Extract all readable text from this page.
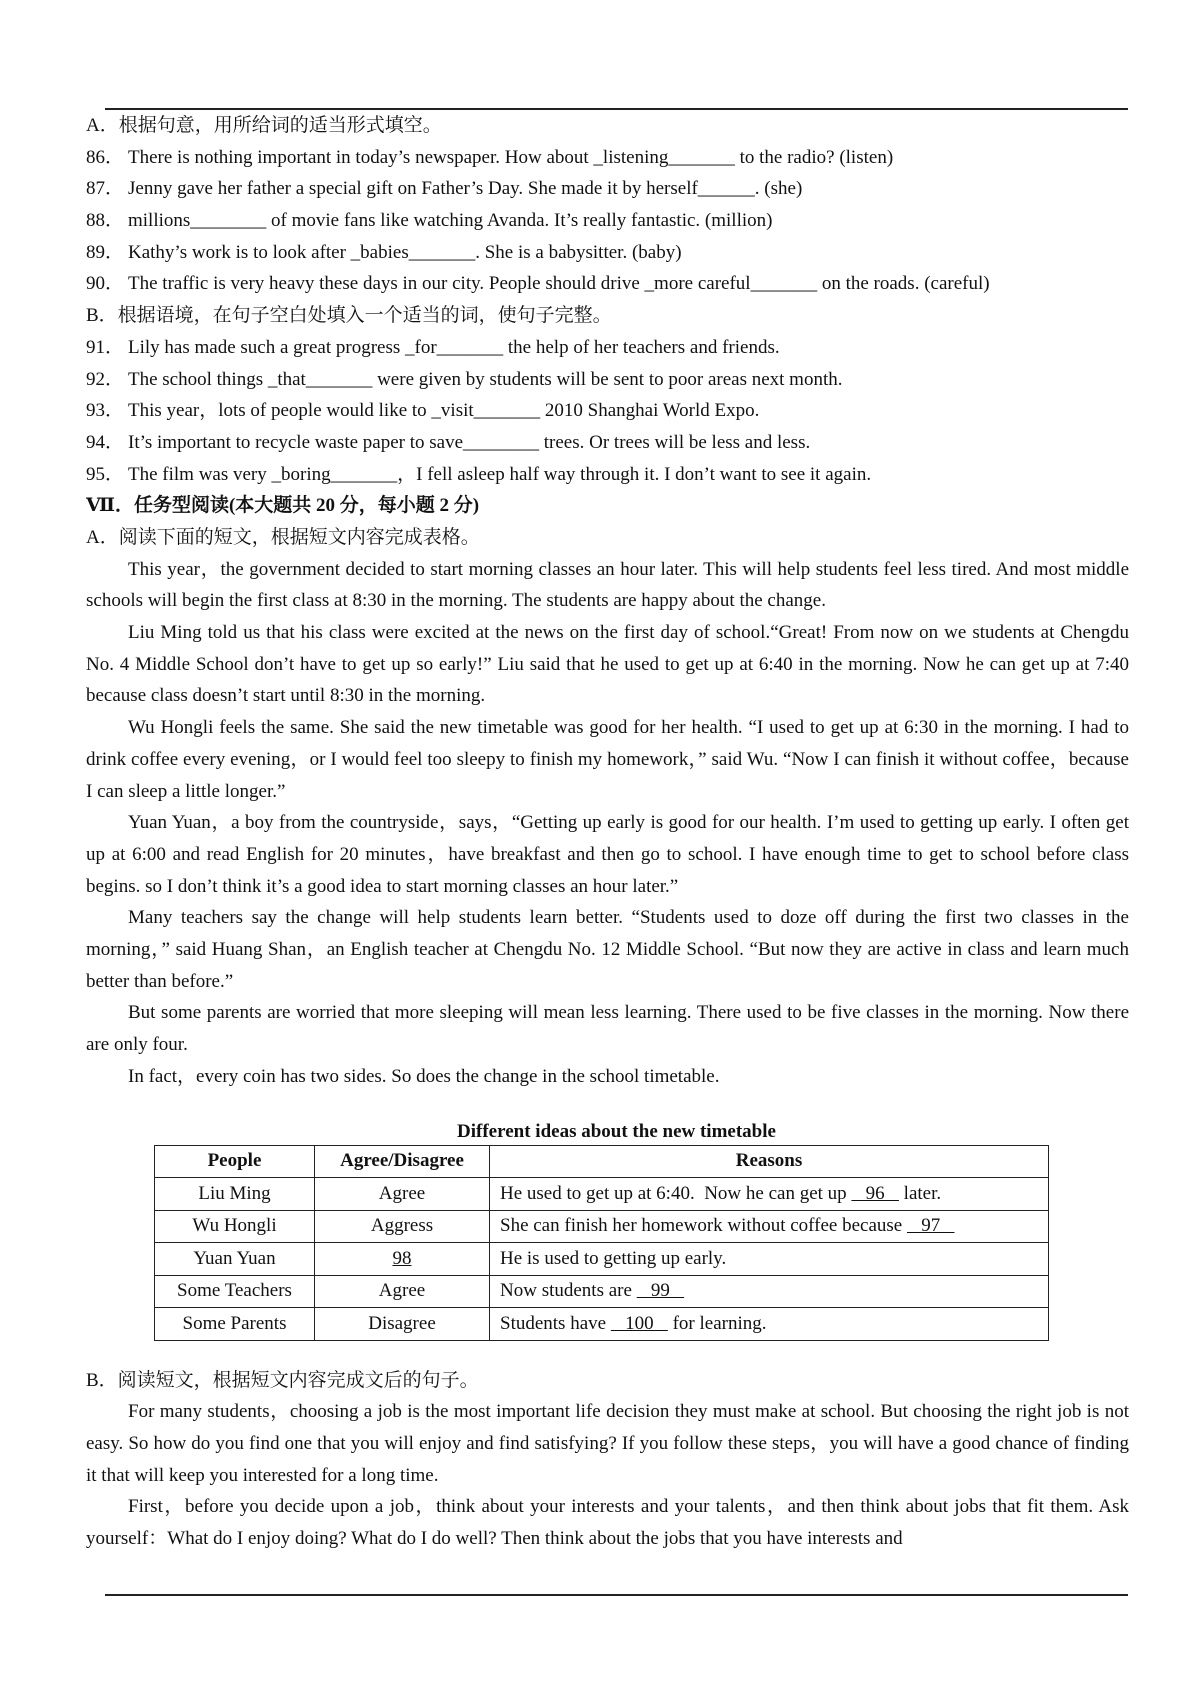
A．根据句意，用所给词的适当形式填空。
86． There is nothing important in today’s newspaper. How about _listening_______ to the radio? (listen)
87． Jenny gave her father a special gift on Father’s Day. She made it by herself______. (she)
88． millions________ of movie fans like watching Avanda. It’s really fantastic. (million)
89． Kathy’s work is to look after _babies_______. She is a babysitter. (baby)
90． The traffic is very heavy these days in our city. People should drive _more careful_______ on the roads. (careful)
B．根据语境，在句子空白处填入一个适当的词，使句子完整。
91． Lily has made such a great progress _for_______ the help of her teachers and friends.
92． The school things _that_______ were given by students will be sent to poor areas next month.
93． This year，lots of people would like to _visit_______ 2010 Shanghai World Expo.
94． It’s important to recycle waste paper to save________ trees. Or trees will be less and less.
95． The film was very _boring_______，I fell asleep half way through it. I don’t want to see it again.
Ⅶ．任务型阅读(本大题共 20 分，每小题 2 分)
A．阅读下面的短文，根据短文内容完成表格。

This year，the government decided to start morning classes an hour later. This will help students feel less tired. And most middle schools will begin the first class at 8:30 in the morning. The students are happy about the change.

Liu Ming told us that his class were excited at the news on the first day of school.“Great! From now on we students at Chengdu No. 4 Middle School don’t have to get up so early!” Liu said that he used to get up at 6:40 in the morning. Now he can get up at 7:40 because class doesn’t start until 8:30 in the morning.

Wu Hongli feels the same. She said the new timetable was good for her health. “I used to get up at 6:30 in the morning. I had to drink coffee every evening，or I would feel too sleepy to finish my homework，” said Wu. “Now I can finish it without coffee，because I can sleep a little longer.”

Yuan Yuan，a boy from the countryside，says，“Getting up early is good for our health. I’m used to getting up early. I often get up at 6:00 and read English for 20 minutes，have breakfast and then go to school. I have enough time to get to school before class begins. so I don’t think it’s a good idea to start morning classes an hour later.”

Many teachers say the change will help students learn better. “Students used to doze off during the first two classes in the morning，” said Huang Shan，an English teacher at Chengdu No. 12 Middle School. “But now they are active in class and learn much better than before.”

But some parents are worried that more sleeping will mean less learning. There used to be five classes in the morning. Now there are only four.

In fact，every coin has two sides. So does the change in the school timetable.

Different ideas about the new timetable
People	Agree/Disagree	Reasons
Liu Ming	Agree	He used to get up at 6:40.  Now he can get up    96    later.
Wu Hongli	Aggress	She can finish her homework without coffee because    97
Yuan Yuan	98	He is used to getting up early.
Some Teachers	Agree	Now students are    99
Some Parents	Disagree	Students have    100    for learning.
B．阅读短文，根据短文内容完成文后的句子。

For many students，choosing a job is the most important life decision they must make at school. But choosing the right job is not easy. So how do you find one that you will enjoy and find satisfying? If you follow these steps，you will have a good chance of finding it that will keep you interested for a long time.

First，before you decide upon a job，think about your interests and your talents，and then think about jobs that fit them. Ask yourself：What do I enjoy doing? What do I do well? Then think about the jobs that you have interests and
